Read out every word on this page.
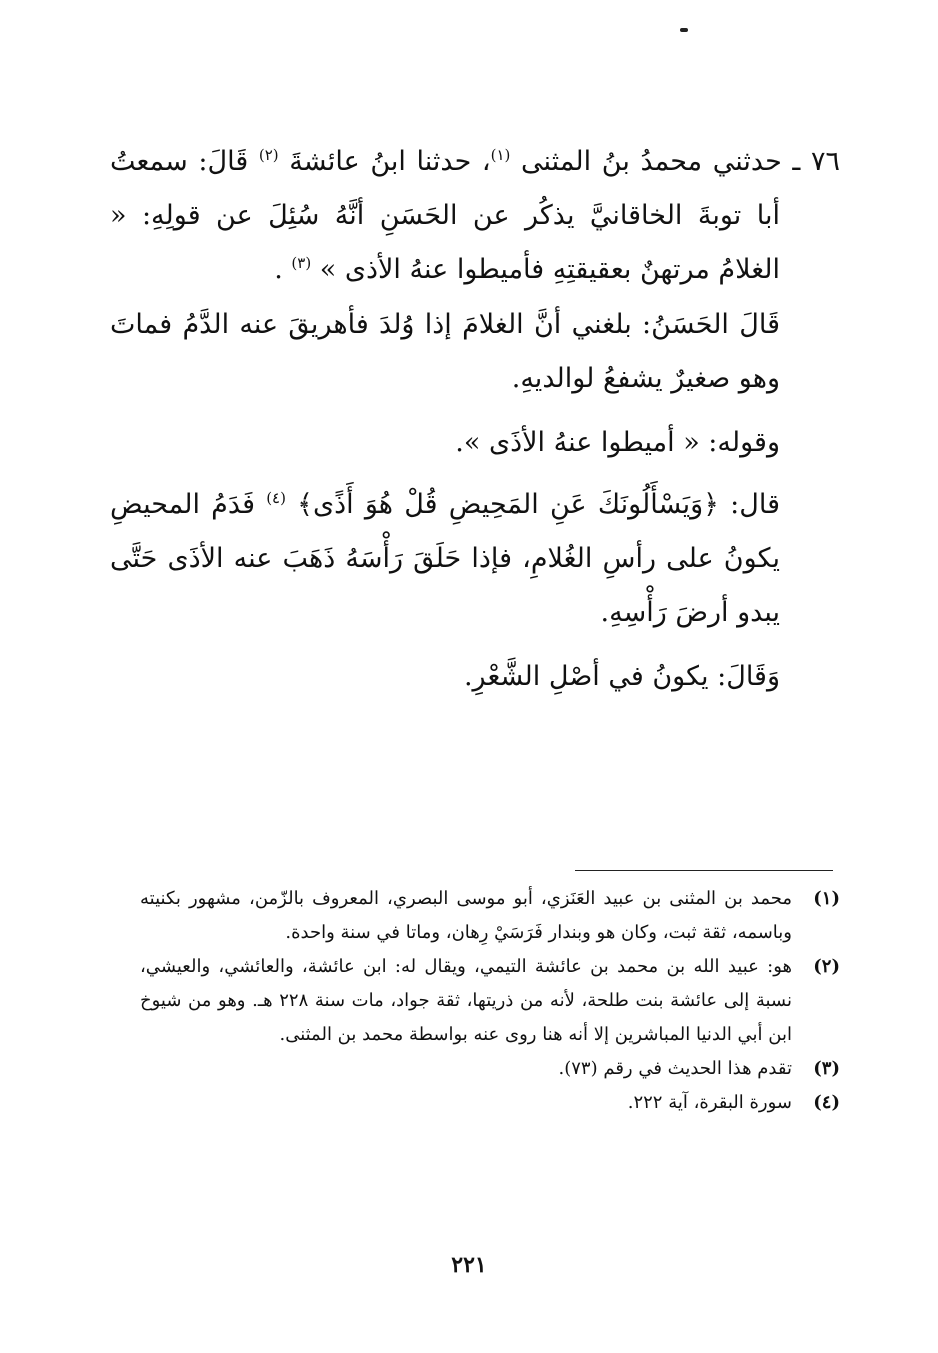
٧٦ ـ حدثني محمدُ بنُ المثنى $^{(١)}$، حدثنا ابنُ عائشةَ $^{(٢)}$ قَالَ: سمعتُ أبا توبةَ الخاقانيَّ يذكُر عن الحَسَنِ أنَّهُ سُئِلَ عن قولِهِ: « الغلامُ مرتهنٌ بعقيقتِهِ فأميطوا عنهُ الأذى » $^{(٣)}$ .

قَالَ الحَسَنُ: بلغني أنَّ الغلامَ إذا وُلدَ فأهريقَ عنه الدَّمُ فماتَ وهو صغيرٌ يشفعُ لوالديهِ.

وقوله: « أميطوا عنهُ الأذَى ».

قال: ﴿وَيَسْأَلُونَكَ عَنِ المَحِيضِ قُلْ هُوَ أَذًى﴾ $^{(٤)}$ فَدَمُ المحيضِ يكونُ على رأسِ الغُلامِ، فإذا حَلَقَ رَأْسَهُ ذَهَبَ عنه الأذَى حَتَّى يبدو أرضَ رَأْسِهِ.

وَقَالَ: يكونُ في أصْلِ الشَّعْرِ.

(١)
محمد بن المثنى بن عبيد العَنَزي، أبو موسى البصري، المعروف بالزّمن، مشهور بكنيته وباسمه، ثقة ثبت، وكان هو وبندار فَرَسَيْ رِهان، وماتا في سنة واحدة.
(٢)
هو: عبيد الله بن محمد بن عائشة التيمي، ويقال له: ابن عائشة، والعائشي، والعيشي، نسبة إلى عائشة بنت طلحة، لأنه من ذريتها، ثقة جواد، مات سنة ٢٢٨ هـ. وهو من شيوخ ابن أبي الدنيا المباشرين إلا أنه هنا روى عنه بواسطة محمد بن المثنى.
(٣)
تقدم هذا الحديث في رقم (٧٣).
(٤)
سورة البقرة، آية ٢٢٢.
٢٢١
